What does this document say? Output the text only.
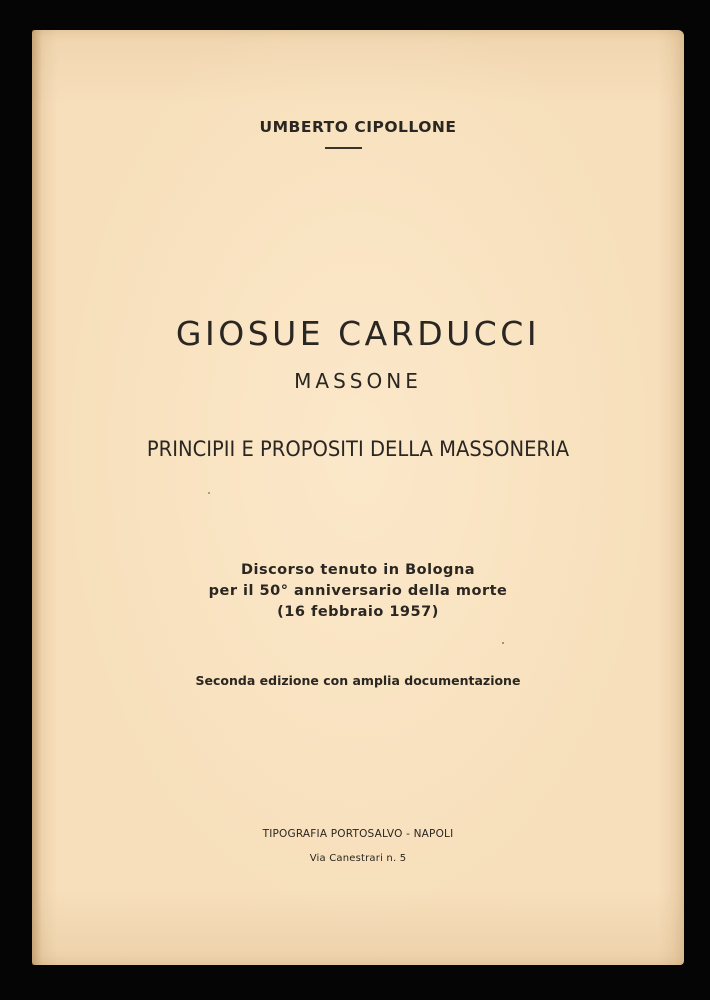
UMBERTO CIPOLLONE
GIOSUE CARDUCCI
MASSONE
PRINCIPII E PROPOSITI DELLA MASSONERIA
Discorso tenuto in Bologna
per il 50° anniversario della morte
(16 febbraio 1957)
Seconda edizione con amplia documentazione
TIPOGRAFIA PORTOSALVO - NAPOLI
Via Canestrari n. 5
